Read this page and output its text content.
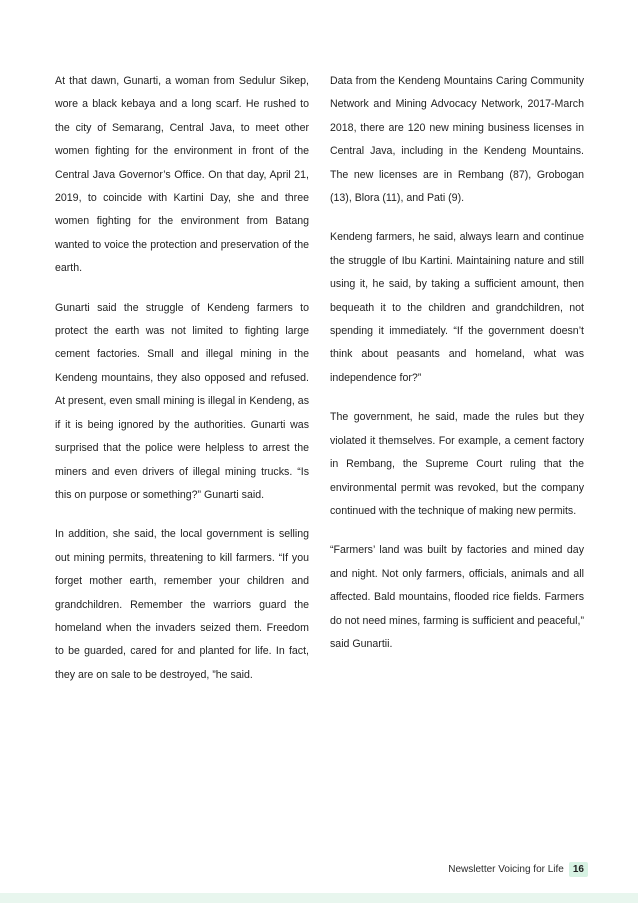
At that dawn, Gunarti, a woman from Sedulur Sikep, wore a black kebaya and a long scarf. He rushed to the city of Semarang, Central Java, to meet other women fighting for the environment in front of the Central Java Governor’s Office. On that day, April 21, 2019, to coincide with Kartini Day, she and three women fighting for the environment from Batang wanted to voice the protection and preservation of the earth.

Gunarti said the struggle of Kendeng farmers to protect the earth was not limited to fighting large cement factories. Small and illegal mining in the Kendeng mountains, they also opposed and refused. At present, even small mining is illegal in Kendeng, as if it is being ignored by the authorities. Gunarti was surprised that the police were helpless to arrest the miners and even drivers of illegal mining trucks. “Is this on purpose or something?” Gunarti said.

In addition, she said, the local government is selling out mining permits, threatening to kill farmers. “If you forget mother earth, remember your children and grandchildren. Remember the warriors guard the homeland when the invaders seized them. Freedom to be guarded, cared for and planted for life. In fact, they are on sale to be destroyed, ”he said.

Data from the Kendeng Mountains Caring Community Network and Mining Advocacy Network, 2017-March 2018, there are 120 new mining business licenses in Central Java, including in the Kendeng Mountains. The new licenses are in Rembang (87), Grobogan (13), Blora (11), and Pati (9).

Kendeng farmers, he said, always learn and continue the struggle of Ibu Kartini. Maintaining nature and still using it, he said, by taking a sufficient amount, then bequeath it to the children and grandchildren, not spending it immediately. “If the government doesn’t think about peasants and homeland, what was independence for?”

The government, he said, made the rules but they violated it themselves. For example, a cement factory in Rembang, the Supreme Court ruling that the environmental permit was revoked, but the company continued with the technique of making new permits.

“Farmers’ land was built by factories and mined day and night. Not only farmers, officials, animals and all affected. Bald mountains, flooded rice fields. Farmers do not need mines, farming is sufficient and peaceful,” said Gunartii.

Newsletter Voicing for Life 16
